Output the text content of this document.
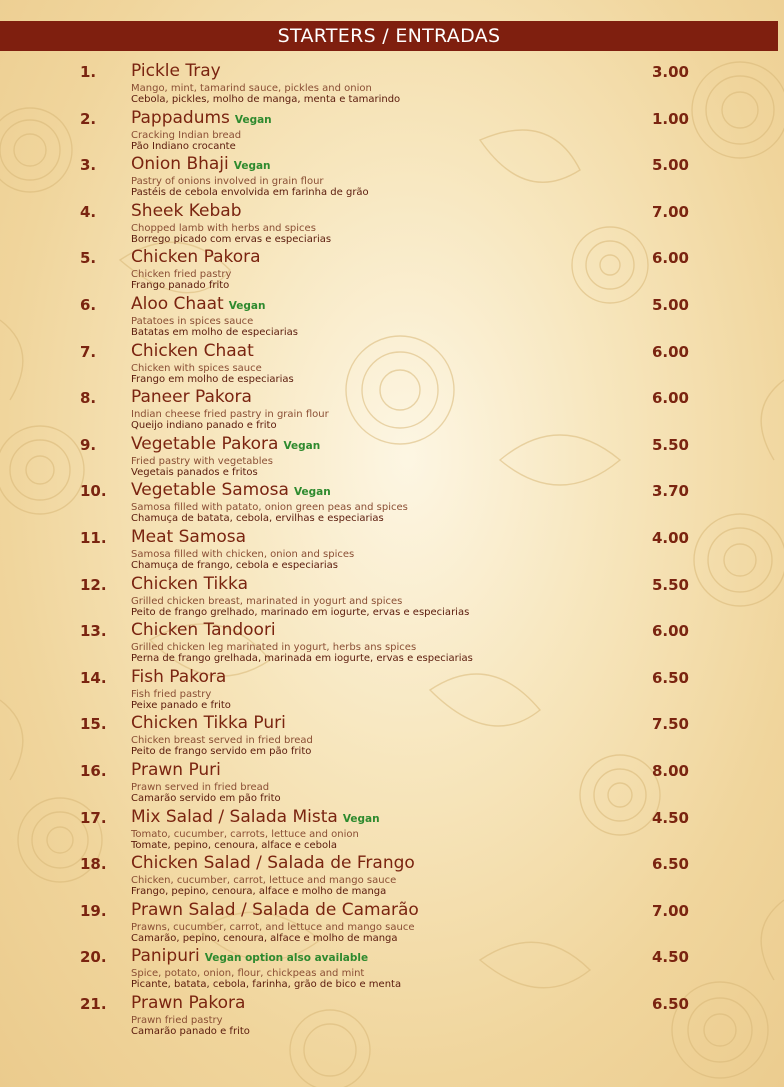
STARTERS / ENTRADAS
1.	Pickle Tray
Mango, mint, tamarind sauce, pickles and onion
Cebola, pickles, molho de manga, menta e tamarindo
3.00
2.	Pappadums Vegan
Cracking Indian bread
Pão Indiano crocante
1.00
3.	Onion Bhaji Vegan
Pastry of onions involved in grain flour
Pastéis de cebola envolvida em farinha de grão
5.00
4.	Sheek Kebab
Chopped lamb with herbs and spices
Borrego picado com ervas e especiarias
7.00
5.	Chicken Pakora
Chicken fried pastry
Frango panado frito
6.00
6.	Aloo Chaat Vegan
Patatoes in spices sauce
Batatas em molho de especiarias
5.00
7.	Chicken Chaat
Chicken with spices sauce
Frango em molho de especiarias
6.00
8.	Paneer Pakora
Indian cheese fried pastry in grain flour
Queijo indiano panado e frito
6.00
9.	Vegetable Pakora Vegan
Fried pastry with vegetables
Vegetais panados e fritos
5.50
10.	Vegetable Samosa Vegan
Samosa filled with patato, onion green peas and spices
Chamuça de batata, cebola, ervilhas e especiarias
3.70
11.	Meat Samosa
Samosa filled with chicken, onion and spices
Chamuça de frango, cebola e especiarias
4.00
12.	Chicken Tikka
Grilled chicken breast, marinated in yogurt and spices
Peito de frango grelhado, marinado em iogurte, ervas e especiarias
5.50
13.	Chicken Tandoori
Grilled chicken leg marinated in yogurt, herbs ans spices
Perna de frango grelhada, marinada em iogurte, ervas e especiarias
6.00
14.	Fish Pakora
Fish fried pastry
Peixe panado e frito
6.50
15.	Chicken Tikka Puri
Chicken breast served in fried bread
Peito de frango servido em pão frito
7.50
16.	Prawn Puri
Prawn served in fried bread
Camarão servido em pão frito
8.00
17.	Mix Salad / Salada Mista Vegan
Tomato, cucumber, carrots, lettuce and onion
Tomate, pepino, cenoura, alface e cebola
4.50
18.	Chicken Salad / Salada de Frango
Chicken, cucumber, carrot, lettuce and mango sauce
Frango, pepino, cenoura, alface e molho de manga
6.50
19.	Prawn Salad / Salada de Camarão
Prawns, cucumber, carrot, and lettuce and mango sauce
Camarão, pepino, cenoura, alface e molho de manga
7.00
20.	Panipuri Vegan option also available
Spice, potato, onion, flour, chickpeas and mint
Picante, batata, cebola, farinha, grão de bico e menta
4.50
21.	Prawn Pakora
Prawn fried pastry
Camarão panado e frito
6.50
